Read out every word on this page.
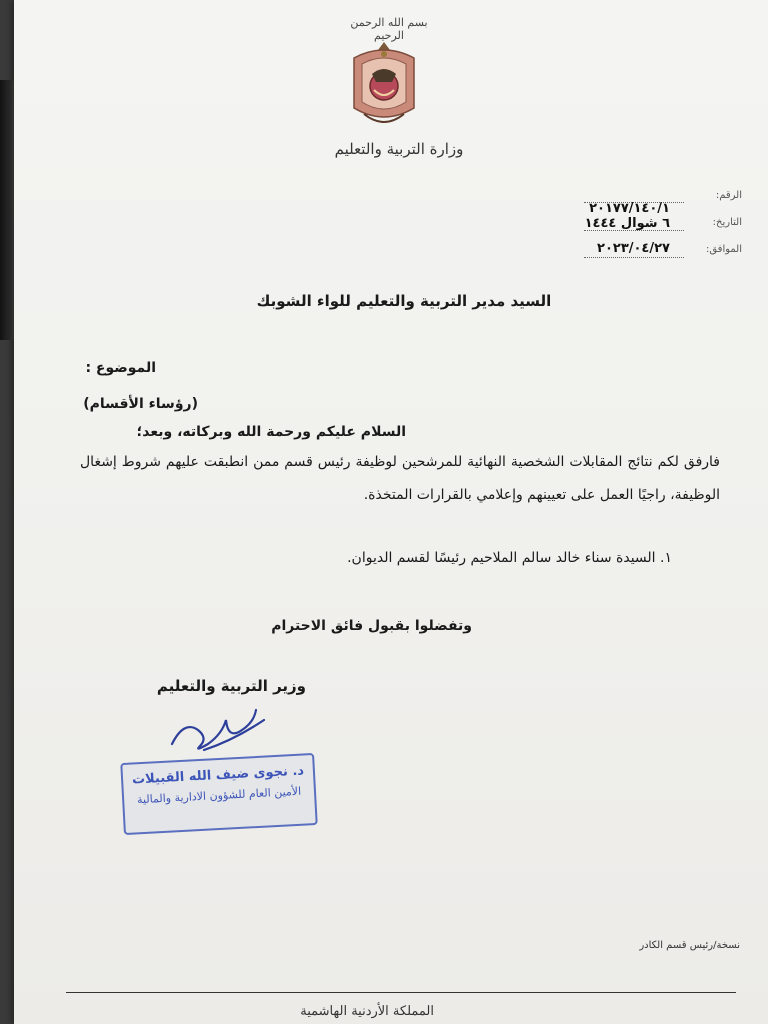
بسم الله الرحمن الرحيم
وزارة التربية والتعليم
الرقم:
٢٠١٧٧/١٤٠/١
التاريخ:
٦ شوال ١٤٤٤
الموافق:
٢٠٢٣/٠٤/٢٧
السيد مدير التربية والتعليم للواء الشوبك
الموضوع :
(رؤساء الأقسام)
السلام عليكم ورحمة الله وبركاته، وبعد؛
فارفق لكم نتائج المقابلات الشخصية النهائية للمرشحين لوظيفة رئيس قسم ممن انطبقت عليهم شروط إشغال الوظيفة، راجيًا العمل على تعيينهم وإعلامي بالقرارات المتخذة.
١. السيدة سناء خالد سالم الملاحيم رئيسًا لقسم الديوان.
وتفضلوا بقبول فائق الاحترام
وزير التربية والتعليم
د. نجوى ضيف الله القبيلات
الأمين العام للشؤون الادارية والمالية
نسخة/رئيس قسم الكادر
المملكة الأردنية الهاشمية
